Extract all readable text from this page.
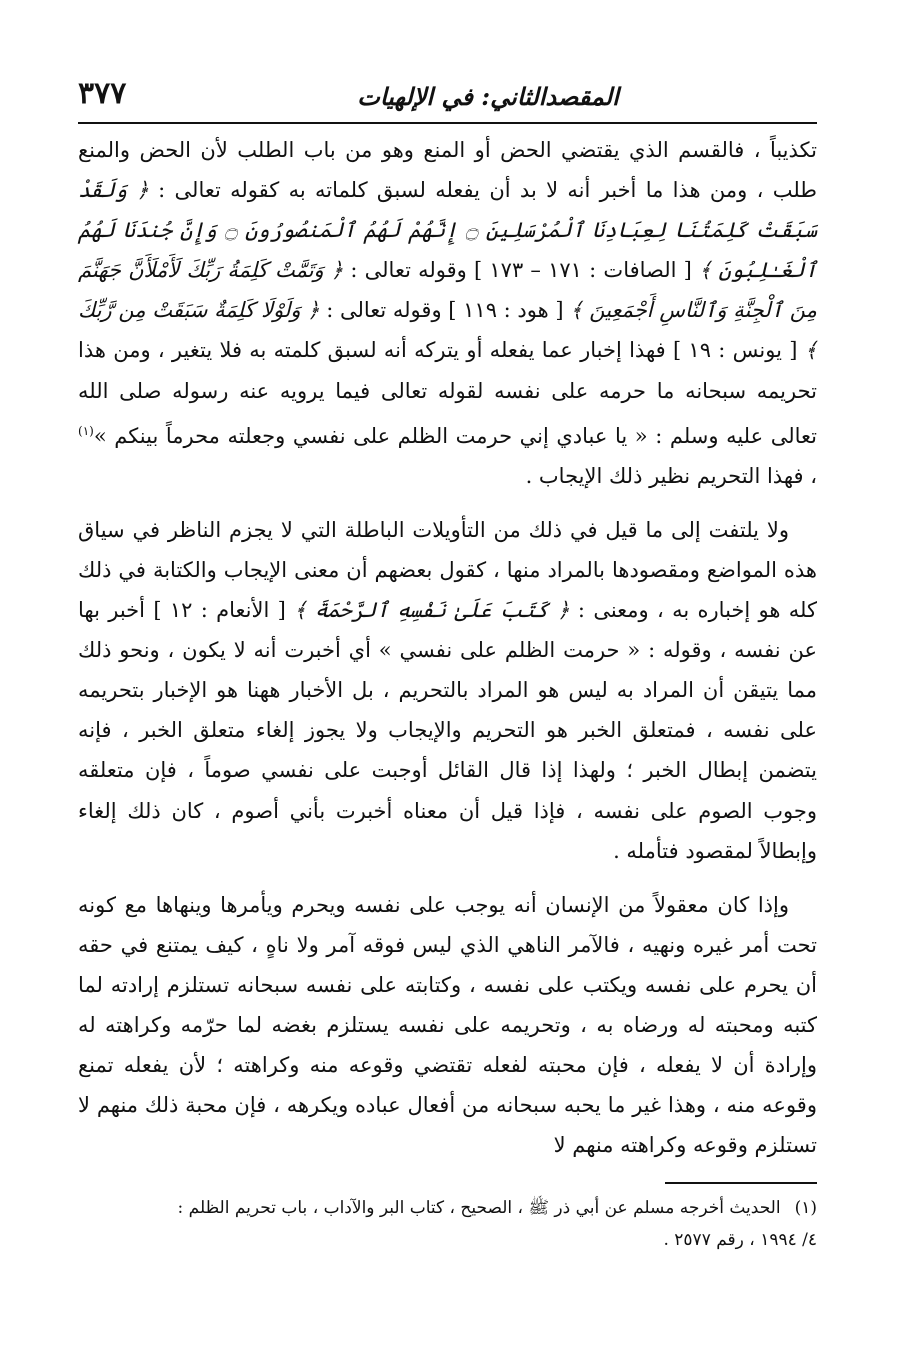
٣٧٧	المقصدالثاني: في الإلهيات

تكذيباً ، فالقسم الذي يقتضي الحض أو المنع وهو من باب الطلب لأن الحض والمنع طلب ، ومن هذا ما أخبر أنه لا بد أن يفعله لسبق كلماته به كقوله تعالى : ﴿ وَلَقَدْ سَبَقَتْ كَلِمَتُنَا لِعِبَادِنَا ٱلْمُرْسَلِينَ ۝ إِنَّهُمْ لَهُمُ ٱلْمَنصُورُونَ ۝ وَإِنَّ جُندَنَا لَهُمُ ٱلْغَـٰلِبُونَ ﴾ [ الصافات : ١٧١ – ١٧٣ ] وقوله تعالى : ﴿ وَتَمَّتْ كَلِمَةُ رَبِّكَ لَأَمْلَأَنَّ جَهَنَّمَ مِنَ ٱلْجِنَّةِ وَٱلنَّاسِ أَجْمَعِينَ ﴾ [ هود : ١١٩ ] وقوله تعالى : ﴿ وَلَوْلَا كَلِمَةٌ سَبَقَتْ مِن رَّبِّكَ ﴾ [ يونس : ١٩ ] فهذا إخبار عما يفعله أو يتركه أنه لسبق كلمته به فلا يتغير ، ومن هذا تحريمه سبحانه ما حرمه على نفسه لقوله تعالى فيما يرويه عنه رسوله صلى الله تعالى عليه وسلم : « يا عبادي إني حرمت الظلم على نفسي وجعلته محرماً بينكم »$^{(١)}$ ، فهذا التحريم نظير ذلك الإيجاب .

ولا يلتفت إلى ما قيل في ذلك من التأويلات الباطلة التي لا يجزم الناظر في سياق هذه المواضع ومقصودها بالمراد منها ، كقول بعضهم أن معنى الإيجاب والكتابة في ذلك كله هو إخباره به ، ومعنى : ﴿ كَتَبَ عَلَىٰ نَفْسِهِ ٱلرَّحْمَةَ ﴾ [ الأنعام : ١٢ ] أخبر بها عن نفسه ، وقوله : « حرمت الظلم على نفسي » أي أخبرت أنه لا يكون ، ونحو ذلك مما يتيقن أن المراد به ليس هو المراد بالتحريم ، بل الأخبار ههنا هو الإخبار بتحريمه على نفسه ، فمتعلق الخبر هو التحريم والإيجاب ولا يجوز إلغاء متعلق الخبر ، فإنه يتضمن إبطال الخبر ؛ ولهذا إذا قال القائل أوجبت على نفسي صوماً ، فإن متعلقه وجوب الصوم على نفسه ، فإذا قيل أن معناه أخبرت بأني أصوم ، كان ذلك إلغاء وإبطالاً لمقصود فتأمله .

وإذا كان معقولاً من الإنسان أنه يوجب على نفسه ويحرم ويأمرها وينهاها مع كونه تحت أمر غيره ونهيه ، فالآمر الناهي الذي ليس فوقه آمر ولا ناهٍ ، كيف يمتنع في حقه أن يحرم على نفسه ويكتب على نفسه ، وكتابته على نفسه سبحانه تستلزم إرادته لما كتبه ومحبته له ورضاه به ، وتحريمه على نفسه يستلزم بغضه لما حرّمه وكراهته له وإرادة أن لا يفعله ، فإن محبته لفعله تقتضي وقوعه منه وكراهته ؛ لأن يفعله تمنع وقوعه منه ، وهذا غير ما يحبه سبحانه من أفعال عباده ويكرهه ، فإن محبة ذلك منهم لا تستلزم وقوعه وكراهته منهم لا

(١)الحديث أخرجه مسلم عن أبي ذر ﷺ ، الصحيح ، كتاب البر والآداب ، باب تحريم الظلم :
٤/ ١٩٩٤ ، رقم ٢٥٧٧ .
